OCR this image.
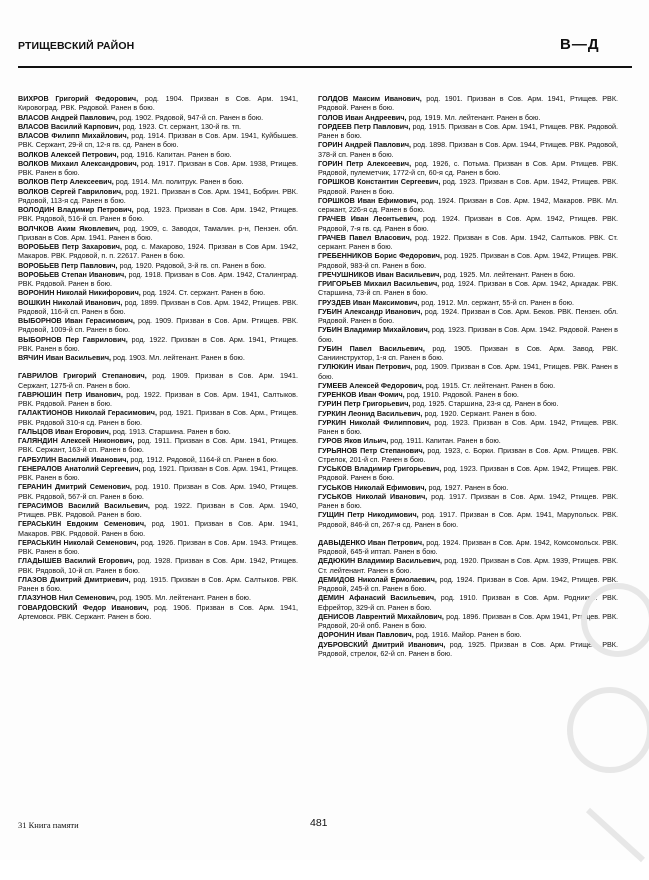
РТИЩЕВСКИЙ РАЙОН	В—Д

ВИХРОВ Григорий Федорович, род. 1904. Призван в Сов. Арм. 1941, Кировоград. РВК. Рядовой. Ранен в бою.

ВЛАСОВ Андрей Павлович, род. 1902. Рядовой, 947-й сп. Ранен в бою.

ВЛАСОВ Василий Карпович, род. 1923. Ст. сержант, 130-й гв. тп.

ВЛАСОВ Филипп Михайлович, род. 1914. Призван в Сов. Арм. 1941, Куйбышев. РВК. Сержант, 29-й сп, 12-я гв. сд. Ранен в бою.

ВОЛКОВ Алексей Петрович, род. 1916. Капитан. Ранен в бою.

ВОЛКОВ Михаил Александрович, род. 1917. Призван в Сов. Арм. 1938, Ртищев. РВК. Ранен в бою.

ВОЛКОВ Петр Алексеевич, род. 1914. Мл. политрук. Ранен в бою.

ВОЛКОВ Сергей Гаврилович, род. 1921. Призван в Сов. Арм. 1941, Бобрин. РВК. Рядовой, 113-я сд. Ранен в бою.

ВОЛОДИН Владимир Петрович, род. 1923. Призван в Сов. Арм. 1942, Ртищев. РВК. Рядовой, 516-й сп. Ранен в бою.

ВОЛЧКОВ Аким Яковлевич, род. 1909, с. Заводск, Тамалин. р-н, Пензен. обл. Призван в Сов. Арм. 1941. Ранен в бою.

ВОРОБЬЕВ Петр Захарович, род. с. Макарово, 1924. Призван в Сов Арм. 1942, Макаров. РВК. Рядовой, п. п. 22617. Ранен в бою.

ВОРОБЬЕВ Петр Павлович, род. 1920. Рядовой, 3-й гв. сп. Ранен в бою.

ВОРОБЬЕВ Степан Иванович, род. 1918. Призван в Сов. Арм. 1942, Сталинград. РВК. Рядовой. Ранен в бою.

ВОРОНИН Николай Никифорович, род. 1924. Ст. сержант. Ранен в бою.

ВОШКИН Николай Иванович, род. 1899. Призван в Сов. Арм. 1942, Ртищев. РВК. Рядовой, 116-й сп. Ранен в бою.

ВЫБОРНОВ Иван Герасимович, род. 1909. Призван в Сов. Арм. Ртищев. РВК. Рядовой, 1009-й сп. Ранен в бою.

ВЫБОРНОВ Пер Гаврилович, род. 1922. Призван в Сов. Арм. 1941, Ртищев. РВК. Ранен в бою.

ВЯЧИН Иван Васильевич, род. 1903. Мл. лейтенант. Ранен в бою.

ГАВРИЛОВ Григорий Степанович, род. 1909. Призван в Сов. Арм. 1941. Сержант, 1275-й сп. Ранен в бою.

ГАВРЮШИН Петр Иванович, род. 1922. Призван в Сов. Арм. 1941, Салтыков. РВК. Рядовой. Ранен в бою.

ГАЛАКТИОНОВ Николай Герасимович, род. 1921. Призван в Сов. Арм., Ртищев. РВК. Рядовой 310-я сд. Ранен в бою.

ГАЛЬЦОВ Иван Егорович, род. 1913. Старшина. Ранен в бою.

ГАЛЯНДИН Алексей Никонович, род. 1911. Призван в Сов. Арм. 1941, Ртищев. РВК. Сержант, 163-й сп. Ранен в бою.

ГАРБУЛИН Василий Иванович, род. 1912. Рядовой, 1164-й сп. Ранен в бою.

ГЕНЕРАЛОВ Анатолий Сергеевич, род. 1921. Призван в Сов. Арм. 1941, Ртищев. РВК. Ранен в бою.

ГЕРАНИН Дмитрий Семенович, род. 1910. Призван в Сов. Арм. 1940, Ртищев. РВК. Рядовой, 567-й сп. Ранен в бою.

ГЕРАСИМОВ Василий Васильевич, род. 1922. Призван в Сов. Арм. 1940, Ртищев. РВК. Рядовой. Ранен в бою.

ГЕРАСЬКИН Евдоким Семенович, род. 1901. Призван в Сов. Арм. 1941, Макаров. РВК. Рядовой. Ранен в бою.

ГЕРАСЬКИН Николай Семенович, род. 1926. Призван в Сов. Арм. 1943. Ртищев. РВК. Ранен в бою.

ГЛАДЫШЕВ Василий Егорович, род. 1928. Призван в Сов. Арм. 1942, Ртищев. РВК. Рядовой, 10-й сп. Ранен в бою.

ГЛАЗОВ Дмитрий Дмитриевич, род. 1915. Призван в Сов. Арм. Салтыков. РВК. Ранен в бою.

ГЛАЗУНОВ Нил Семенович, род. 1905. Мл. лейтенант. Ранен в бою.

ГОВАРДОВСКИЙ Федор Иванович, род. 1906. Призван в Сов. Арм. 1941, Артемовск. РВК. Сержант. Ранен в бою.

ГОЛДОВ Максим Иванович, род. 1901. Призван в Сов. Арм. 1941, Ртищев. РВК. Рядовой. Ранен в бою.

ГОЛОВ Иван Андреевич, род. 1919. Мл. лейтенант. Ранен в бою.

ГОРДЕЕВ Петр Павлович, род. 1915. Призван в Сов. Арм. 1941, Ртищев. РВК. Рядовой. Ранен в бою.

ГОРИН Андрей Павлович, род. 1898. Призван в Сов. Арм. 1944, Ртищев. РВК. Рядовой, 378-й сп. Ранен в бою.

ГОРИН Петр Алексеевич, род. 1926, с. Потьма. Призван в Сов. Арм. Ртищев. РВК. Рядовой, пулеметчик, 1772-й сп, 60-я сд. Ранен в бою.

ГОРШКОВ Константин Сергеевич, род. 1923. Призван в Сов. Арм. 1942, Ртищев. РВК. Рядовой. Ранен в бою.

ГОРШКОВ Иван Ефимович, род. 1924. Призван в Сов. Арм. 1942, Макаров. РВК. Мл. сержант, 226-я сд. Ранен в бою.

ГРАЧЕВ Иван Леонтьевич, род. 1924. Призван в Сов. Арм. 1942, Ртищев. РВК. Рядовой, 7-я гв. сд. Ранен в бою.

ГРАЧЕВ Павел Власович, род. 1922. Призван в Сов. Арм. 1942, Салтыков. РВК. Ст. сержант. Ранен в бою.

ГРЕБЕННИКОВ Борис Федорович, род. 1925. Призван в Сов. Арм. 1942, Ртищев. РВК. Рядовой, 983-й сп. Ранен в бою.

ГРЕЧУШНИКОВ Иван Васильевич, род. 1925. Мл. лейтенант. Ранен в бою.

ГРИГОРЬЕВ Михаил Васильевич, род. 1924. Призван в Сов. Арм. 1942, Аркадак. РВК. Старшина, 73-й сп. Ранен в бою.

ГРУЗДЕВ Иван Максимович, род. 1912. Мл. сержант, 55-й сп. Ранен в бою.

ГУБИН Александр Иванович, род. 1924. Призван в Сов. Арм. Беков. РВК. Пензен. обл. Рядовой. Ранен в бою.

ГУБИН Владимир Михайлович, род. 1923. Призван в Сов. Арм. 1942. Рядовой. Ранен в бою.

ГУБИН Павел Васильевич, род. 1905. Призван в Сов. Арм. Завод. РВК. Саниинструктор, 1-я сп. Ранен в бою.

ГУЛЮКИН Иван Петрович, род. 1909. Призван в Сов. Арм. 1941, Ртищев. РВК. Ранен в бою.

ГУМЕЕВ Алексей Федорович, род. 1915. Ст. лейтенант. Ранен в бою.

ГУРЕНКОВ Иван Фомич, род. 1910. Рядовой. Ранен в бою.

ГУРИН Петр Григорьевич, род. 1925. Старшина, 23-я сд. Ранен в бою.

ГУРКИН Леонид Васильевич, род. 1920. Сержант. Ранен в бою.

ГУРКИН Николай Филиппович, род. 1923. Призван в Сов. Арм. 1942, Ртищев. РВК. Ранен в бою.

ГУРОВ Яков Ильич, род. 1911. Капитан. Ранен в бою.

ГУРЬЯНОВ Петр Степанович, род. 1923, с. Борки. Призван в Сов. Арм. Ртищев. РВК. Стрелок, 201-й сп. Ранен в бою.

ГУСЬКОВ Владимир Григорьевич, род. 1923. Призван в Сов. Арм. 1942, Ртищев. РВК. Рядовой. Ранен в бою.

ГУСЬКОВ Николай Ефимович, род. 1927. Ранен в бою.

ГУСЬКОВ Николай Иванович, род. 1917. Призван в Сов. Арм. 1942, Ртищев. РВК. Ранен в бою.

ГУЩИН Петр Никодимович, род. 1917. Призван в Сов. Арм. 1941, Марупольск. РВК. Рядовой, 846-й сп, 267-я сд. Ранен в бою.

ДАВЫДЕНКО Иван Петрович, род. 1924. Призван в Сов. Арм. 1942, Комсомольск. РВК. Рядовой, 645-й иптап. Ранен в бою.

ДЕДЮКИН Владимир Васильевич, род. 1920. Призван в Сов. Арм. 1939, Ртищев. РВК. Ст. лейтенант. Ранен в бою.

ДЕМИДОВ Николай Ермолаевич, род. 1924. Призван в Сов. Арм. 1942, Ртищев. РВК. Рядовой, 245-й сп. Ранен в бою.

ДЕМИН Афанасий Васильевич, род. 1910. Призван в Сов. Арм. Родников. РВК. Ефрейтор, 329-й сп. Ранен в бою.

ДЕНИСОВ Лаврентий Михайлович, род. 1896. Призван в Сов. Арм 1941, Ртищев. РВК. Рядовой, 20-й опб. Ранен в бою.

ДОРОНИН Иван Павлович, род. 1916. Майор. Ранен в бою.

ДУБРОВСКИЙ Дмитрий Иванович, род. 1925. Призван в Сов. Арм. Ртищев. РВК. Рядовой, стрелок, 62-й сп. Ранен в бою.

31 Книга памяти	481
